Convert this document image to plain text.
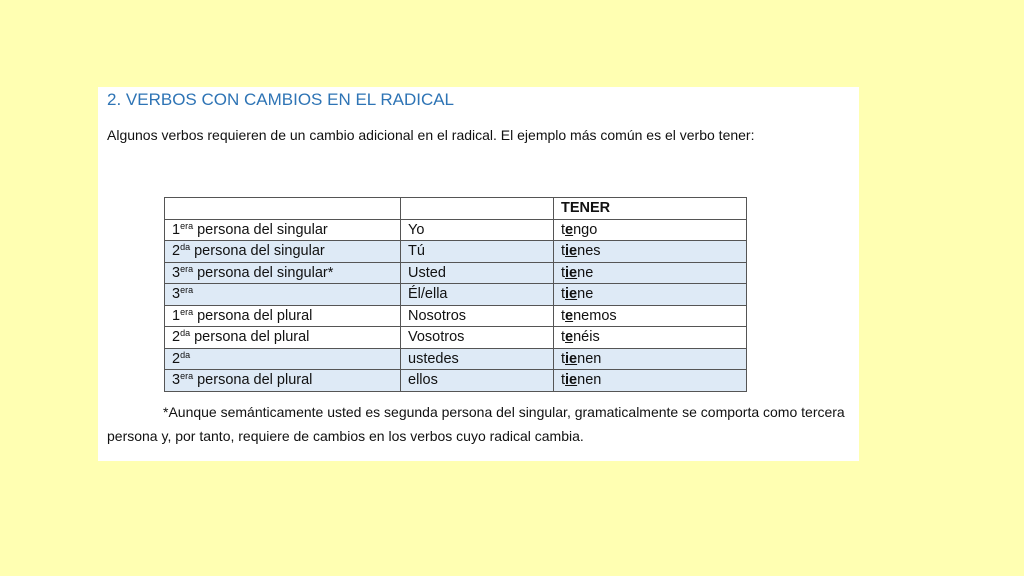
2. VERBOS CON CAMBIOS EN EL RADICAL

Algunos verbos requieren de un cambio adicional en el radical. El ejemplo más común es el verbo tener:

		TENER
$1^{era}$ persona del singular	Yo	tengo
$2^{da}$ persona del singular	Tú	tienes
$3^{era}$ persona del singular*	Usted	tiene
$3^{era}$	Él/ella	tiene
$1^{era}$ persona del plural	Nosotros	tenemos
$2^{da}$ persona del plural	Vosotros	tenéis
$2^{da}$	ustedes	tienen
$3^{era}$ persona del plural	ellos	tienen

*Aunque semánticamente usted es segunda persona del singular, gramaticalmente se comporta como tercera persona y, por tanto, requiere de cambios en los verbos cuyo radical cambia.
